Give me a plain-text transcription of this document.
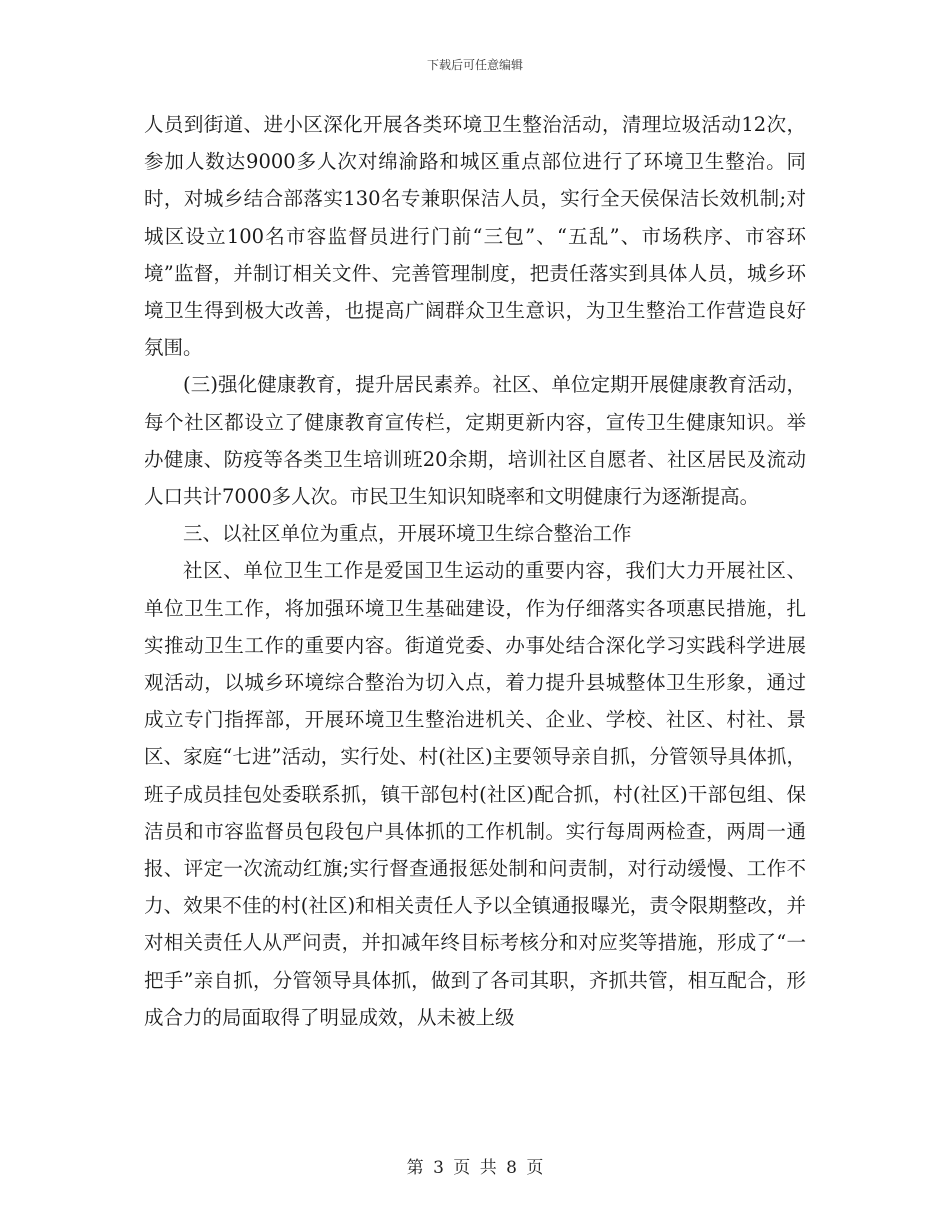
下载后可任意编辑

人员到街道、进小区深化开展各类环境卫生整治活动，清理垃圾活动12次，参加人数达9000多人次对绵渝路和城区重点部位进行了环境卫生整治。同时，对城乡结合部落实130名专兼职保洁人员，实行全天侯保洁长效机制;对城区设立100名市容监督员进行门前“三包”、“五乱”、市场秩序、市容环境”监督，并制订相关文件、完善管理制度，把责任落实到具体人员，城乡环境卫生得到极大改善，也提高广阔群众卫生意识，为卫生整治工作营造良好氛围。

(三)强化健康教育，提升居民素养。社区、单位定期开展健康教育活动，每个社区都设立了健康教育宣传栏，定期更新内容，宣传卫生健康知识。举办健康、防疫等各类卫生培训班20余期，培训社区自愿者、社区居民及流动人口共计7000多人次。市民卫生知识知晓率和文明健康行为逐渐提高。

三、以社区单位为重点，开展环境卫生综合整治工作

社区、单位卫生工作是爱国卫生运动的重要内容，我们大力开展社区、单位卫生工作，将加强环境卫生基础建设，作为仔细落实各项惠民措施，扎实推动卫生工作的重要内容。街道党委、办事处结合深化学习实践科学进展观活动，以城乡环境综合整治为切入点，着力提升县城整体卫生形象，通过成立专门指挥部，开展环境卫生整治进机关、企业、学校、社区、村社、景区、家庭“七进”活动，实行处、村(社区)主要领导亲自抓，分管领导具体抓，班子成员挂包处委联系抓，镇干部包村(社区)配合抓，村(社区)干部包组、保洁员和市容监督员包段包户具体抓的工作机制。实行每周两检查，两周一通报、评定一次流动红旗;实行督查通报惩处制和问责制，对行动缓慢、工作不力、效果不佳的村(社区)和相关责任人予以全镇通报曝光，责令限期整改，并对相关责任人从严问责，并扣减年终目标考核分和对应奖等措施，形成了“一把手”亲自抓，分管领导具体抓，做到了各司其职，齐抓共管，相互配合，形成合力的局面取得了明显成效，从未被上级

第 3 页 共 8 页
